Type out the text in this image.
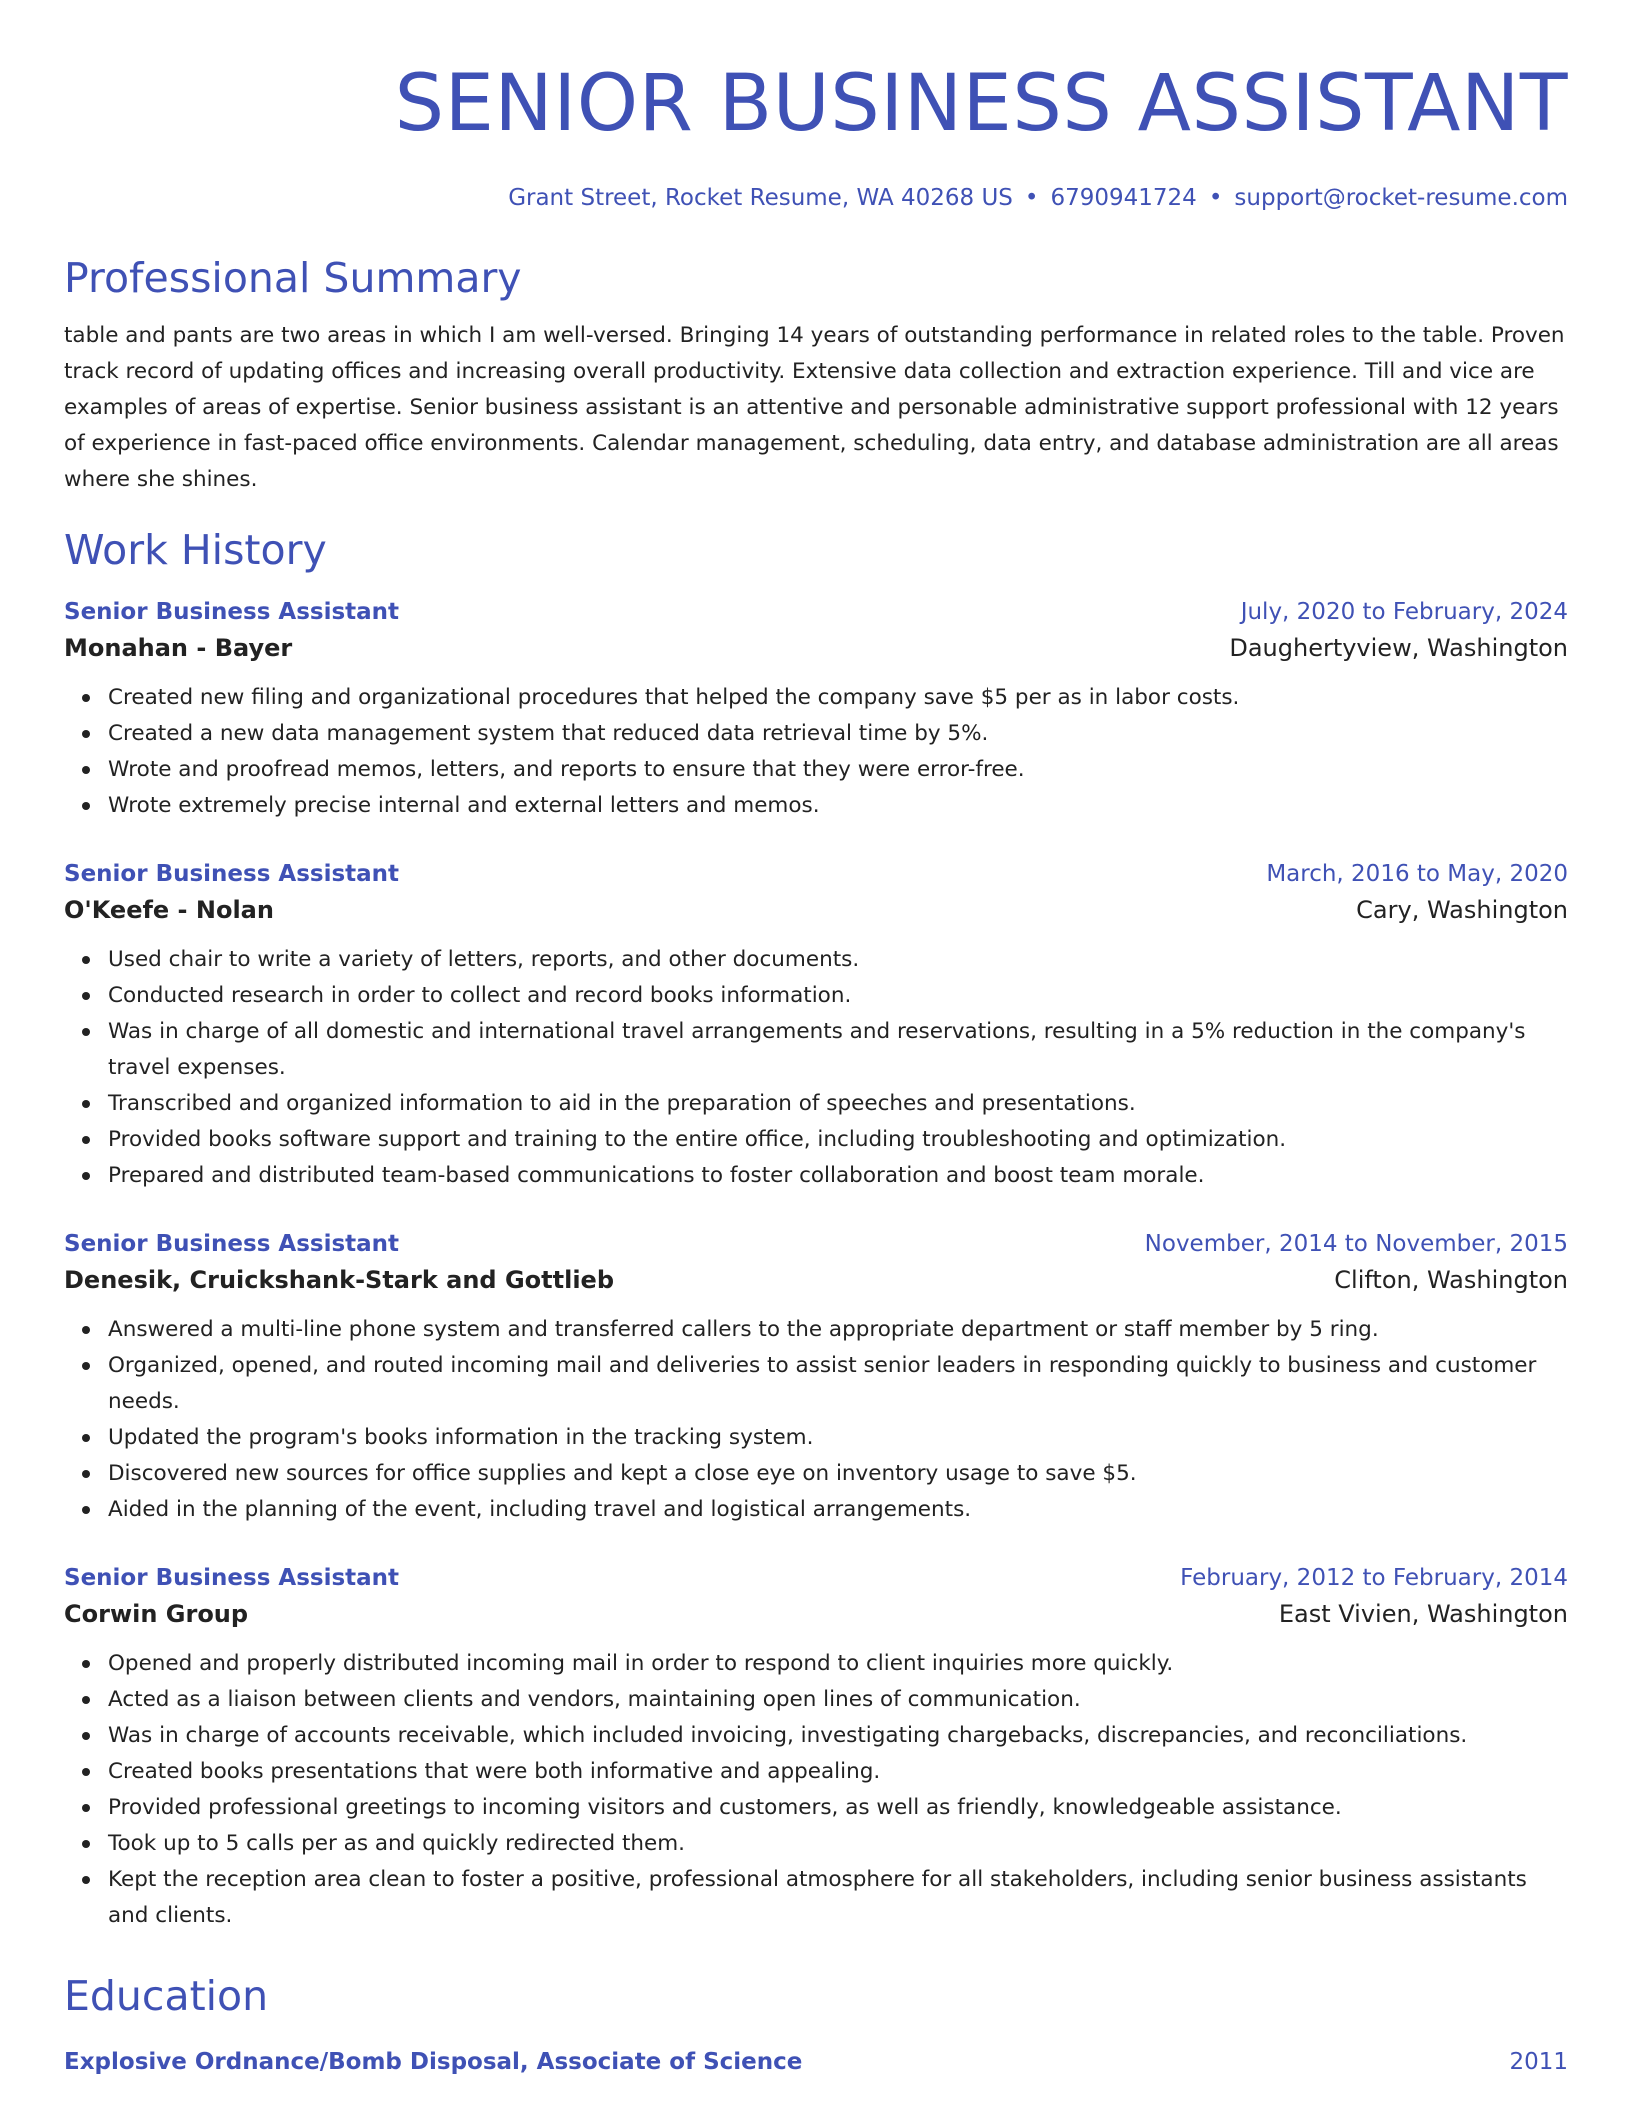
SENIOR BUSINESS ASSISTANT
Grant Street, Rocket Resume, WA 40268 US • 6790941724 • support@rocket-resume.com
Professional Summary
table and pants are two areas in which I am well-versed. Bringing 14 years of outstanding performance in related roles to the table. Proven track record of updating offices and increasing overall productivity. Extensive data collection and extraction experience. Till and vice are examples of areas of expertise. Senior business assistant is an attentive and personable administrative support professional with 12 years of experience in fast-paced office environments. Calendar management, scheduling, data entry, and database administration are all areas where she shines.
Work History
Senior Business Assistant	July, 2020 to February, 2024
Monahan - Bayer	Daughertyview, Washington
Created new filing and organizational procedures that helped the company save $5 per as in labor costs.
Created a new data management system that reduced data retrieval time by 5%.
Wrote and proofread memos, letters, and reports to ensure that they were error-free.
Wrote extremely precise internal and external letters and memos.
Senior Business Assistant	March, 2016 to May, 2020
O'Keefe - Nolan	Cary, Washington
Used chair to write a variety of letters, reports, and other documents.
Conducted research in order to collect and record books information.
Was in charge of all domestic and international travel arrangements and reservations, resulting in a 5% reduction in the company's travel expenses.
Transcribed and organized information to aid in the preparation of speeches and presentations.
Provided books software support and training to the entire office, including troubleshooting and optimization.
Prepared and distributed team-based communications to foster collaboration and boost team morale.
Senior Business Assistant	November, 2014 to November, 2015
Denesik, Cruickshank-Stark and Gottlieb	Clifton, Washington
Answered a multi-line phone system and transferred callers to the appropriate department or staff member by 5 ring.
Organized, opened, and routed incoming mail and deliveries to assist senior leaders in responding quickly to business and customer needs.
Updated the program's books information in the tracking system.
Discovered new sources for office supplies and kept a close eye on inventory usage to save $5.
Aided in the planning of the event, including travel and logistical arrangements.
Senior Business Assistant	February, 2012 to February, 2014
Corwin Group	East Vivien, Washington
Opened and properly distributed incoming mail in order to respond to client inquiries more quickly.
Acted as a liaison between clients and vendors, maintaining open lines of communication.
Was in charge of accounts receivable, which included invoicing, investigating chargebacks, discrepancies, and reconciliations.
Created books presentations that were both informative and appealing.
Provided professional greetings to incoming visitors and customers, as well as friendly, knowledgeable assistance.
Took up to 5 calls per as and quickly redirected them.
Kept the reception area clean to foster a positive, professional atmosphere for all stakeholders, including senior business assistants and clients.
Education
Explosive Ordnance/Bomb Disposal, Associate of Science	2011
